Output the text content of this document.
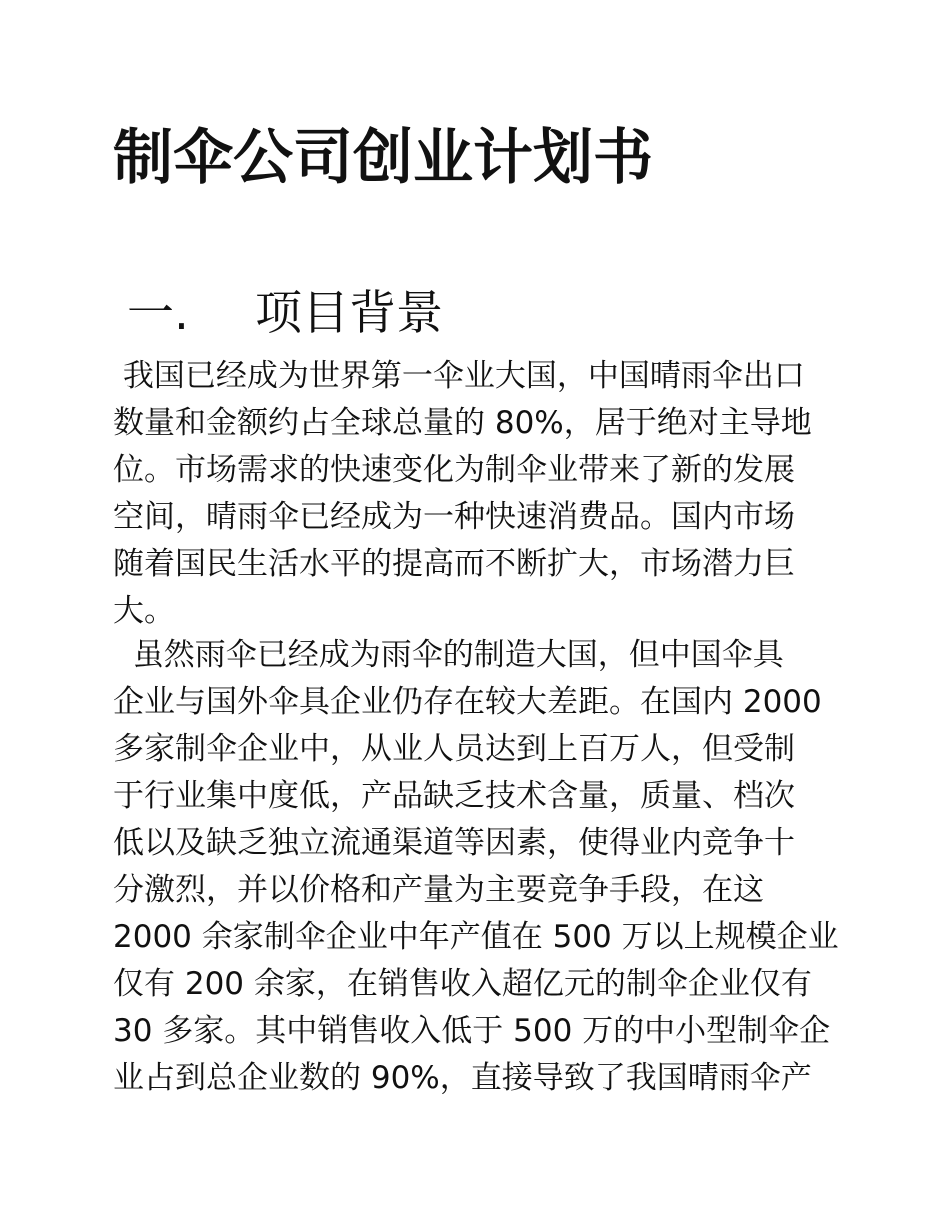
制伞公司创业计划书
一. 项目背景
我国已经成为世界第一伞业大国，中国晴雨伞出口
数量和金额约占全球总量的 80%，居于绝对主导地
位。市场需求的快速变化为制伞业带来了新的发展
空间，晴雨伞已经成为一种快速消费品。国内市场
随着国民生活水平的提高而不断扩大，市场潜力巨
大。
虽然雨伞已经成为雨伞的制造大国，但中国伞具
企业与国外伞具企业仍存在较大差距。在国内 2000
多家制伞企业中，从业人员达到上百万人，但受制
于行业集中度低，产品缺乏技术含量，质量、档次
低以及缺乏独立流通渠道等因素，使得业内竞争十
分激烈，并以价格和产量为主要竞争手段，在这
2000 余家制伞企业中年产值在 500 万以上规模企业
仅有 200 余家，在销售收入超亿元的制伞企业仅有
30 多家。其中销售收入低于 500 万的中小型制伞企
业占到总企业数的 90%，直接导致了我国晴雨伞产
